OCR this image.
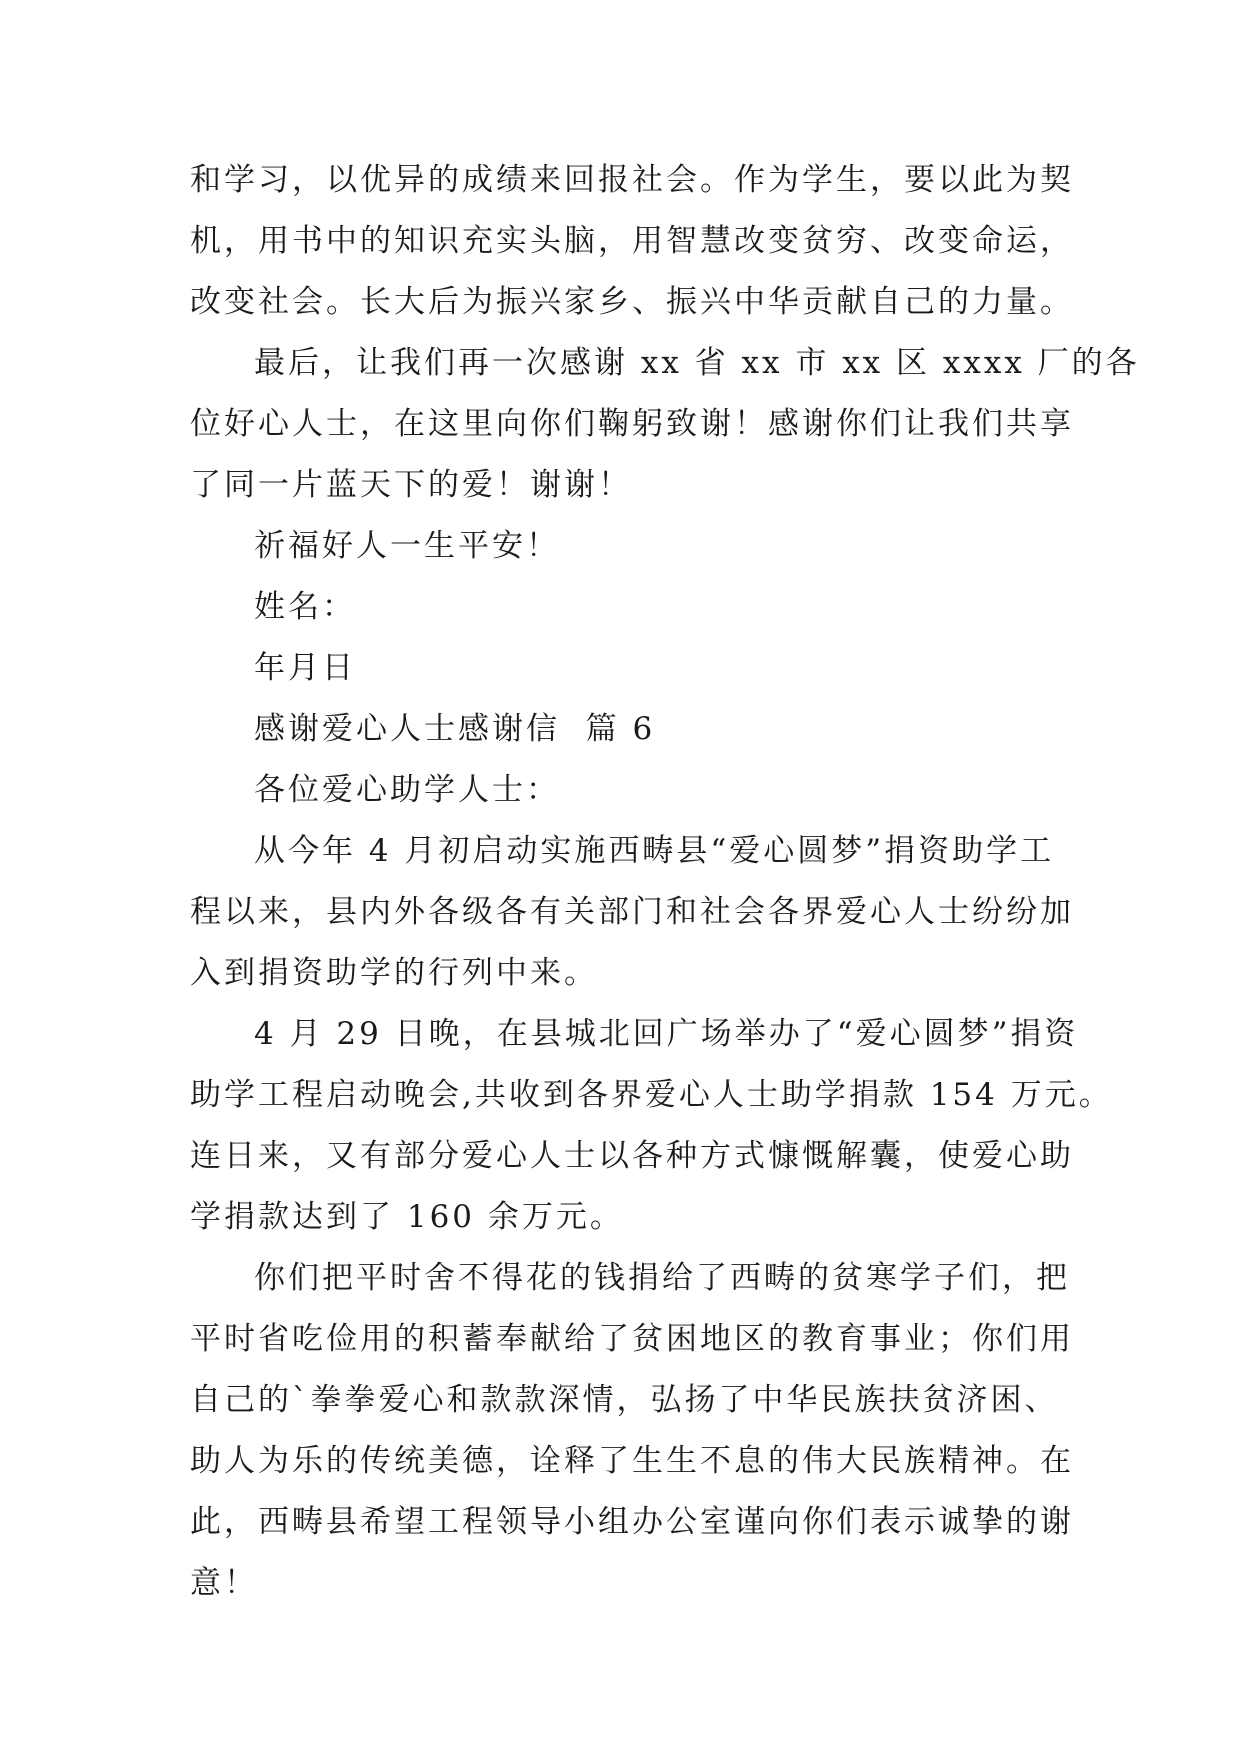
和学习，以优异的成绩来回报社会。作为学生，要以此为契
机，用书中的知识充实头脑，用智慧改变贫穷、改变命运，
改变社会。长大后为振兴家乡、振兴中华贡献自己的力量。

最后，让我们再一次感谢 xx 省 xx 市 xx 区 xxxx 厂的各
位好心人士，在这里向你们鞠躬致谢！感谢你们让我们共享
了同一片蓝天下的爱！谢谢！

祈福好人一生平安！

姓名：

年月日

感谢爱心人士感谢信  篇 6

各位爱心助学人士：

从今年 4 月初启动实施西畴县“爱心圆梦”捐资助学工
程以来，县内外各级各有关部门和社会各界爱心人士纷纷加
入到捐资助学的行列中来。

4 月 29 日晚，在县城北回广场举办了“爱心圆梦”捐资
助学工程启动晚会,共收到各界爱心人士助学捐款 154 万元。
连日来，又有部分爱心人士以各种方式慷慨解囊，使爱心助
学捐款达到了 160 余万元。

你们把平时舍不得花的钱捐给了西畴的贫寒学子们，把
平时省吃俭用的积蓄奉献给了贫困地区的教育事业；你们用
自己的`拳拳爱心和款款深情，弘扬了中华民族扶贫济困、
助人为乐的传统美德，诠释了生生不息的伟大民族精神。在
此，西畴县希望工程领导小组办公室谨向你们表示诚挚的谢
意！
